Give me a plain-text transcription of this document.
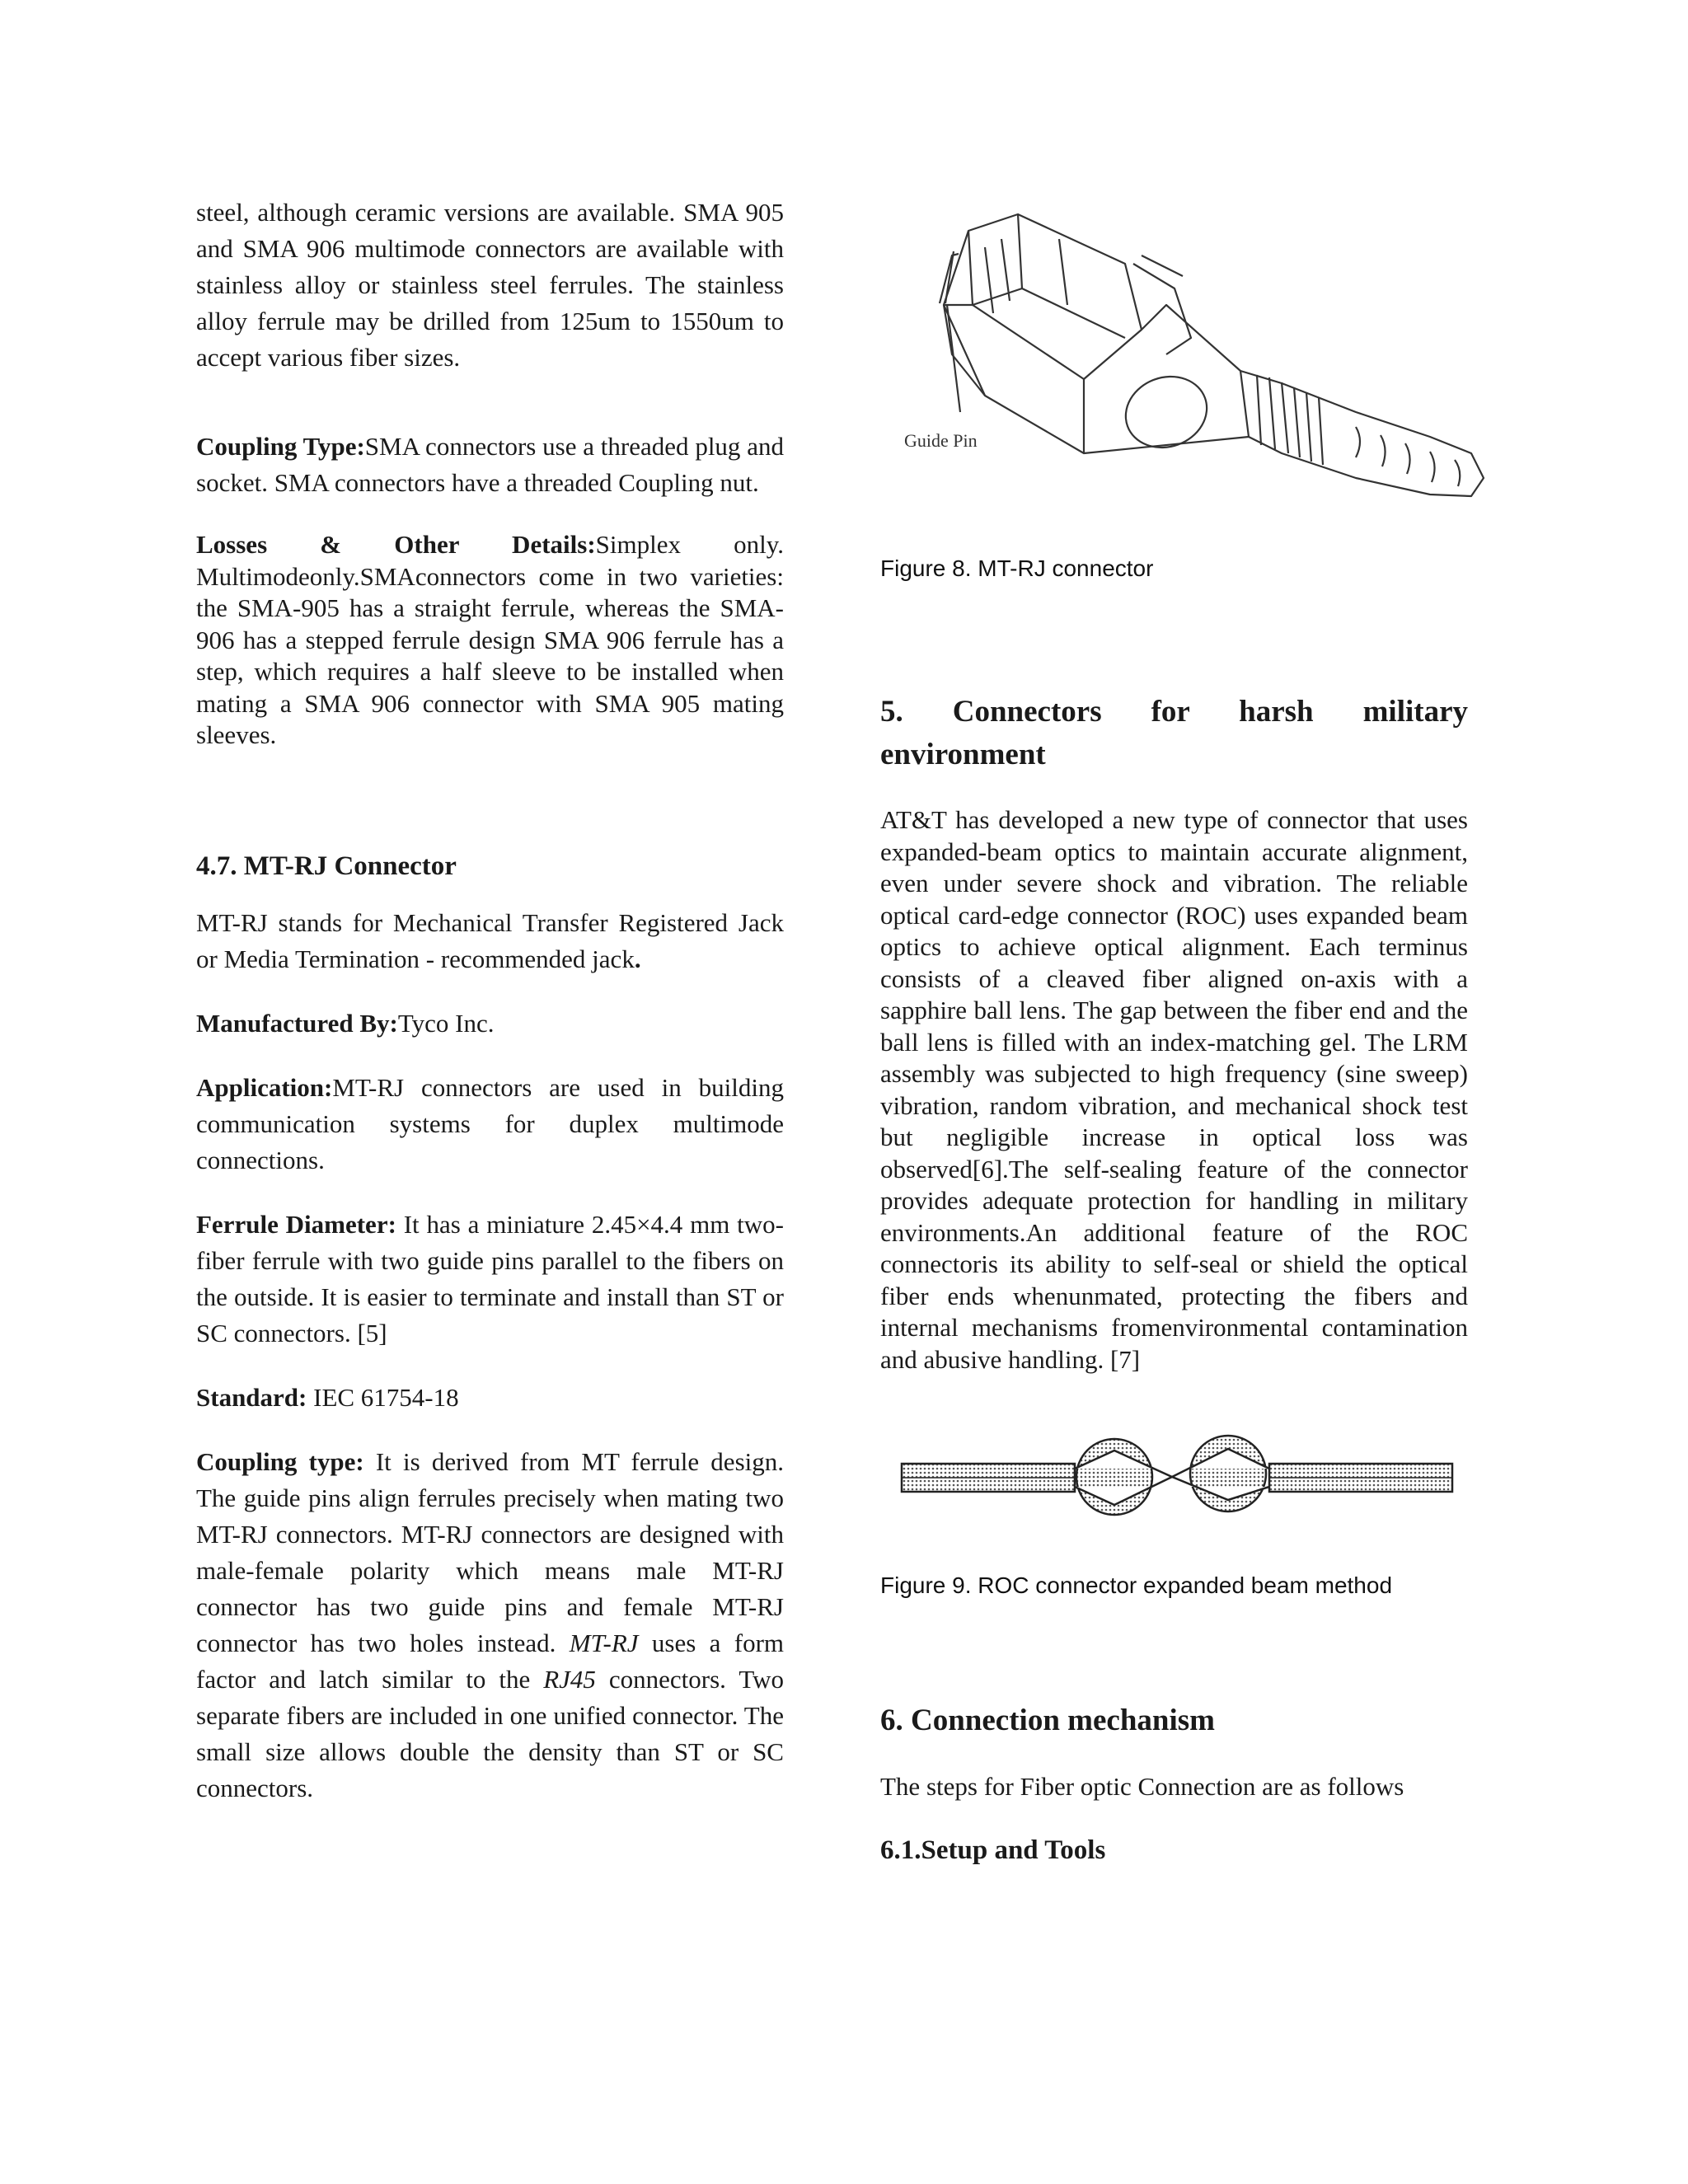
steel, although ceramic versions are available. SMA 905 and SMA 906 multimode connectors are available with stainless alloy or stainless steel ferrules. The stainless alloy ferrule may be drilled from 125um to 1550um to accept various fiber sizes.

Coupling Type:SMA connectors use a threaded plug and socket. SMA connectors have a threaded Coupling nut.

Losses & Other Details:Simplex only. Multimodeonly.SMAconnectors come in two varieties: the SMA-905 has a straight ferrule, whereas the SMA-906 has a stepped ferrule design SMA 906 ferrule has a step, which requires a half sleeve to be installed when mating a SMA 906 connector with SMA 905 mating sleeves.

4.7. MT-RJ Connector

MT-RJ stands for Mechanical Transfer Registered Jack or Media Termination - recommended jack.

Manufactured By:Tyco Inc.

Application:MT-RJ connectors are used in building communication systems for duplex multimode connections.

Ferrule Diameter: It has a miniature 2.45×4.4 mm two-fiber ferrule with two guide pins parallel to the fibers on the outside. It is easier to terminate and install than ST or SC connectors. [5]

Standard: IEC 61754-18

Coupling type: It is derived from MT ferrule design. The guide pins align ferrules precisely when mating two MT-RJ connectors. MT-RJ connectors are designed with male-female polarity which means male MT-RJ connector has two guide pins and female MT-RJ connector has two holes instead. MT-RJ uses a form factor and latch similar to the RJ45 connectors. Two separate fibers are included in one unified connector. The small size allows double the density than ST or SC connectors.

Guide Pin
Figure 8. MT-RJ connector
5. Connectors for harsh military environment

AT&T has developed a new type of connector that uses expanded-beam optics to maintain accurate alignment, even under severe shock and vibration. The reliable optical card-edge connector (ROC) uses expanded beam optics to achieve optical alignment. Each terminus consists of a cleaved fiber aligned on-axis with a sapphire ball lens. The gap between the fiber end and the ball lens is filled with an index-matching gel. The LRM assembly was subjected to high frequency (sine sweep) vibration, random vibration, and mechanical shock test but negligible increase in optical loss was observed[6].The self-sealing feature of the connector provides adequate protection for handling in military environments.An additional feature of the ROC connectoris its ability to self-seal or shield the optical fiber ends whenunmated, protecting the fibers and internal mechanisms fromenvironmental contamination and abusive handling. [7]

Figure 9. ROC connector expanded beam method
6. Connection mechanism

The steps for Fiber optic Connection are as follows

6.1.Setup and Tools
